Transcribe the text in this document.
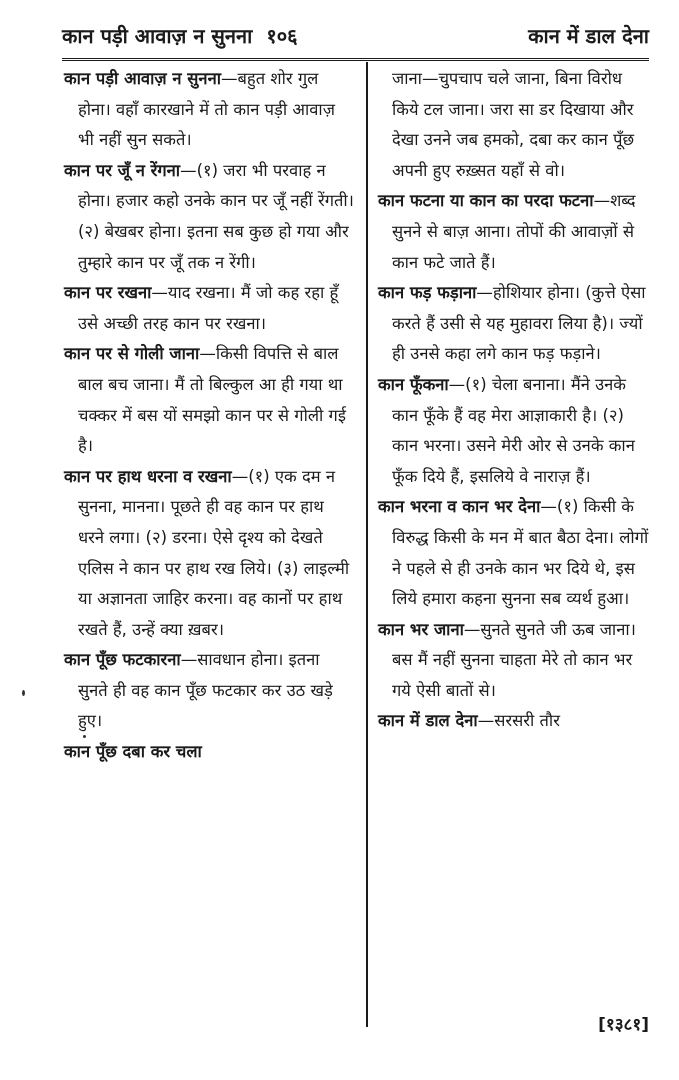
कान पड़ी आवाज़ न सुनना १०६	कान में डाल देना

कान पड़ी आवाज़ न सुनना—बहुत शोर गुल होना। वहाँ कारखाने में तो कान पड़ी आवाज़ भी नहीं सुन सकते।

कान पर जूँ न रेंगना—(१) जरा भी परवाह न होना। हजार कहो उनके कान पर जूँ नहीं रेंगती। (२) बेखबर होना। इतना सब कुछ हो गया और तुम्हारे कान पर जूँ तक न रेंगी।

कान पर रखना—याद रखना। मैं जो कह रहा हूँ उसे अच्छी तरह कान पर रखना।

कान पर से गोली जाना—किसी विपत्ति से बाल बाल बच जाना। मैं तो बिल्कुल आ ही गया था चक्कर में बस यों समझो कान पर से गोली गई है।

कान पर हाथ धरना व रखना—(१) एक दम न सुनना, मानना। पूछते ही वह कान पर हाथ धरने लगा। (२) डरना। ऐसे दृश्य को देखते एलिस ने कान पर हाथ रख लिये। (३) लाइल्मी या अज्ञानता जाहिर करना। वह कानों पर हाथ रखते हैं, उन्हें क्या ख़बर।

कान पूँछ फटकारना—सावधान होना। इतना सुनते ही वह कान पूँछ फटकार कर उठ खड़े हुए।

कान पूँछ दबा कर चला

जाना—चुपचाप चले जाना, बिना विरोध किये टल जाना। जरा सा डर दिखाया और देखा उनने जब हमको, दबा कर कान पूँछ अपनी हुए रुख़्सत यहाँ से वो।

कान फटना या कान का परदा फटना—शब्द सुनने से बाज़ आना। तोपों की आवाज़ों से कान फटे जाते हैं।

कान फड़ फड़ाना—होशियार होना। (कुत्ते ऐसा करते हैं उसी से यह मुहावरा लिया है)। ज्यों ही उनसे कहा लगे कान फड़ फड़ाने।

कान फूँकना—(१) चेला बनाना। मैंने उनके कान फूँके हैं वह मेरा आज्ञाकारी है। (२) कान भरना। उसने मेरी ओर से उनके कान फूँक दिये हैं, इसलिये वे नाराज़ हैं।

कान भरना व कान भर देना—(१) किसी के विरुद्ध किसी के मन में बात बैठा देना। लोगों ने पहले से ही उनके कान भर दिये थे, इस लिये हमारा कहना सुनना सब व्यर्थ हुआ।

कान भर जाना—सुनते सुनते जी ऊब जाना। बस मैं नहीं सुनना चाहता मेरे तो कान भर गये ऐसी बातों से।

कान में डाल देना—सरसरी तौर

[१३८१]
